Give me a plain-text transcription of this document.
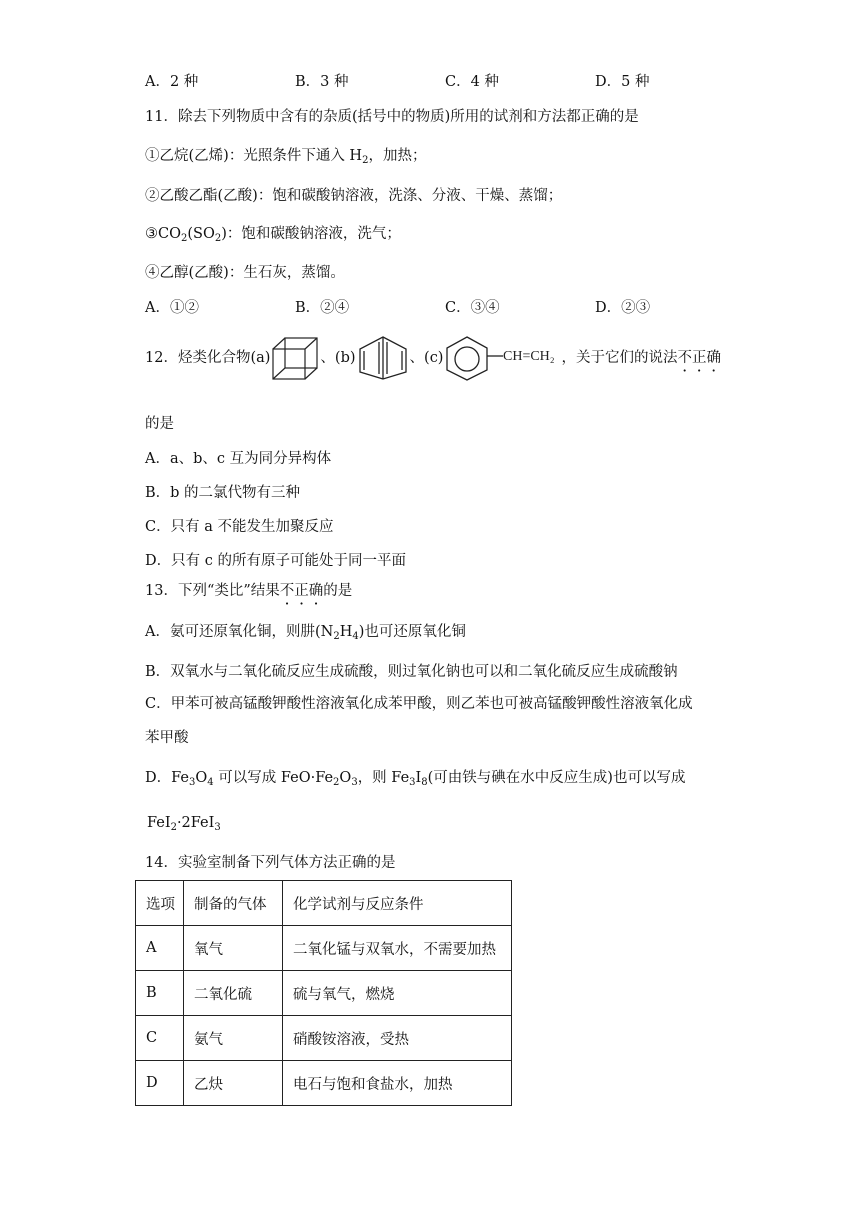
A．2 种	B．3 种	C．4 种	D．5 种
11．除去下列物质中含有的杂质(括号中的物质)所用的试剂和方法都正确的是
①乙烷(乙烯)：光照条件下通入 $H_2$，加热；
②乙酸乙酯(乙酸)：饱和碳酸钠溶液，洗涤、分液、干燥、蒸馏；
$③CO_2(SO_2)$：饱和碳酸钠溶液，洗气；
④乙醇(乙酸)：生石灰，蒸馏。
A．①②	B．②④	C．③④	D．②③
12．烃类化合物(a)	、(b)	、(c)	CH=CH₂ ，关于它们的说法不正确
的是
A．a、b、c 互为同分异构体
B．b 的二氯代物有三种
C．只有 a 不能发生加聚反应
D．只有 c 的所有原子可能处于同一平面
13．下列“类比”结果不正确的是
A．氨可还原氧化铜，则肼$(N_2H_4)$也可还原氧化铜
B．双氧水与二氧化硫反应生成硫酸，则过氧化钠也可以和二氧化硫反应生成硫酸钠
C．甲苯可被高锰酸钾酸性溶液氧化成苯甲酸，则乙苯也可被高锰酸钾酸性溶液氧化成
苯甲酸
D．$Fe_3O_4$ 可以写成 $FeO\cdot Fe_2O_3$，则 $Fe_3I_8$(可由铁与碘在水中反应生成)也可以写成
FeI$_2$·2FeI$_3$
14．实验室制备下列气体方法正确的是
选项	制备的气体	化学试剂与反应条件
A	氧气	二氧化锰与双氧水，不需要加热
B	二氧化硫	硫与氧气，燃烧
C	氨气	硝酸铵溶液，受热
D	乙炔	电石与饱和食盐水，加热
